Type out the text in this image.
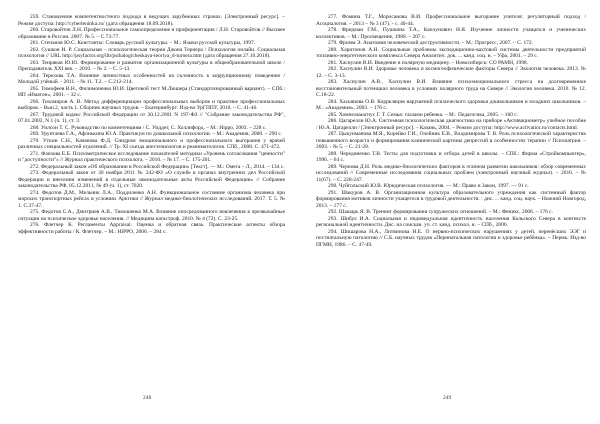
259. Становление компетентностного подхода в ведущих зарубежных странах. [Электронный ресурс]. – Режим доступа: http://cyberleninka.ru/ (дата обращения 18.09.2018).

260. Старовойтов Л.Н. Профессиональное самоопределение и профориентация / Л.Н. Старовойтов // Высшее образование в России. 2007. № 5. – С.73-77.

261. Степанов Ю.С. Константы: Словарь русской культуры. – М.: Языки русской культуры, 1997.

262. Сушков И. Р. Социальная – психологическая теория Джона Тернера / Психология онлайн. Социальная психология // URL http://psyfactor.org/lib/psihalogicheskaya-teoriya_d-turnera.htm (дата обращения 27.10.2018).

263. Тенряков Ю.Ю. Формирование и развитие организационной культуры в общеобразовательной школе / Преподаватель XXI век. – 2010. – № 2. – С. 5-13.

264. Терехова Т.А. Влияние личностных особенностей на склонность к коррупционному поведению / Молодой учёный. - 2011. - № 11. Т.2. – С.212-214.

265. Тимофеев В.Н., Филимоненко Ю.И. Цветовой тест М.Люшера (Стандартизированный вариант). – СПб.: ИП «Иматон», 2001. – 32 с.

266. Тихомиров А. В. Метод дифференциации профессиональных выборов и практике профессиональных выборов. - Вып.2, часть 1. Сборник научных трудов. – Екатеринбург: Изд-во УрГППУ, 2010. – С. 41-46.

267. Трудовой кодекс Российской Федерации от 30.12.2001 N 197-ФЗ // "Собрание законодательства РФ", 07.01.2002, N 1 (ч. 1), ст. 3.

268. Уилсон Т. С. Руководство по компетенциям / С. Уиддет, С. Холлифорд. – М.: Hippo, 2003. – 228 с.

269. Урунтаева Г.А., Афонькина Ю.А. Практикум по дошкольной психологии. – М.: Академия, 2000. – 290 с.

270. Уткин С.Н., Качанова Ф.Д. Синдром эмоционального и профессионального выгорания у врачей различных специальностей отделений. // Тр. XI съезда анестезиологов и реаниматологов. СПб., 2008. С. 471-472.

271. Фаизова Е.Б. Психометрическое исследование показателей методики «Уровень согласования "ценности" и "доступности"» // Журнал практического психолога. – 2010. – № 17. – С. 175-201.

272. Федеральный закон «Об образовании в Российской Федерации» [Текст]. — М.: Омега – Л., 2014. – 134 с.

273. Федеральный закон от 30 ноября 2011 № 342-ФЗ «О службе в органах внутренних дел Российской Федерации и внесении изменений в отдельные законодательные акты Российской Федерации» // Собрание законодательства РФ, 05.12.2011, № 49 (ч. 1), ст. 7020.

274. Федотов Д.М., Мельник Л.А., Поддиленко А.Н. Функциональное состояние организма человека при морских транспортных рейсах в условиях Арктики // Журнал медико-биологических исследований. 2017. Т. 5. № 1. С.37-47.

275. Федотов С.А., Дмитриев А.В., Тимошенко М.А. Влияние опосредованного вовлечения в чрезвычайные ситуации на психическое здоровье населения. // Медицина катастроф. 2010. № 4 (72). С. 23-25.

276. Флетчер К. Регламенты Appraisal. Оценка и обратная связь. Практические аспекты обзора эффективности работы / К. Флетчер. – М.: HIPPO, 2006. – 284 с.

248

277. Фомина Т.Г., Моросанова В.И. Профессиональное выгорание учителя: регуляторный подход / Асоциалогия. – 2013 – № 3 (47). - с. 40-44.

278. Фридман Г.М., Пушкина Т.А., Каплунович И.Я. Изучение личности учащихся и ученических коллективов. – М.: Просвещение, 1988. – 207 с.

279. Фромм Э. Анатомия человеческой деструктивности. – М.: Прогресс, 2007. – С. 172.

280. Харитонов А.Н. Социальные проблемы экспедиционно-вахтовой системы деятельности предприятий топливно-энергетического комплекса Севера Аналитич. док. ... канд. соц. н. – Уфа, 2001. – 29 с.

281. Хаснулин В.И. Введение в полярную медицину. – Новосибирск: СО РАМН, 1998.

282. Хаснулин В.И. Здоровье человека и космогеофизические факторы Севера // Экология человека. 2013. № 12. – С. 3-13.

283. Хаснулин А.В., Хаснулин В.И. Влияние психоэмоционального стресса на долговременное восстановительный потенциал человека в условиях полярного труда на Севере // Экология человека. 2010. № 12. С.18-22.

284. Хасьянова О.В. Корреляция нарушений психического здоровья дошкольников и младших школьников. – М.: «Академия», 2003. – 176 с.

285. Хомпельмагнус Г. Т. Семья: глазами ребенка. – М.: Педагогика, 2005. – 160 с.

286. Цагарелли Ю.А. Системная психологическая диагностика на приборе «Активациометр» учебное пособие / Ю.А. Цагарелли / [Электронный ресурс]. – Казань, 2004. – Режим доступа: http://www.activatior.ru/contacts.html.

287. Цыкунманова М.Я., Корейко Г.И., Олейник Е.В., Владимирова Т. В. Роль психологической характеристик повышенного возраста и формирования клинической картины депрессий в особенностях терапии // Психиатрия. – 2003. - № 5. – С. 21-28.

288. Черединенко Т.В. Тесты для подготовки и отбора детей в школы. – СПб.: Фирма «Стройкомпьютер», 1996. – 64 с.

289. Чернова Д.Н. Роль медико-биологических факторов в этапном развитии школьников: обзор современных исследований // Современные исследования социальных проблем (электронный научный журнал). – 2016. – № 11(67). – С. 228-247.

290. Чуйгольский Ю.В. Юридическая психология. — М.: Право и Закон, 1997. — 91 с.

291. Шакуров А. В. Организационная культура образовательного учреждения как системный фактор формирования мотивов личности учащегося в трудовой деятельности. : дис. ... канд. соц. наук. – Нижний Новгород, 2013. – 177 с.

292. Шашарь Я. В. Тренинг формирования супружеских отношений. – М.: Феникс, 2006. – 176 с.

293. Шибул И.А. Социальная и индивидуальная идентичность населения Кольского Севера в контексте региональной идентичности. Дис. на соискан. уч. ст. канд. психол. н. – СПб., 2006.

294. Шишарова Н.А., Литвинова Н.Е. О нервно-психических нарушениях у детей, перенёсших ЭЭГ и постнатальную патологию // С.Б. научных трудов «Перинатальная патология и здоровье ребёнка». – Пермь: Изд-во ПГМИ, 1986. – С. 47-49.

249
